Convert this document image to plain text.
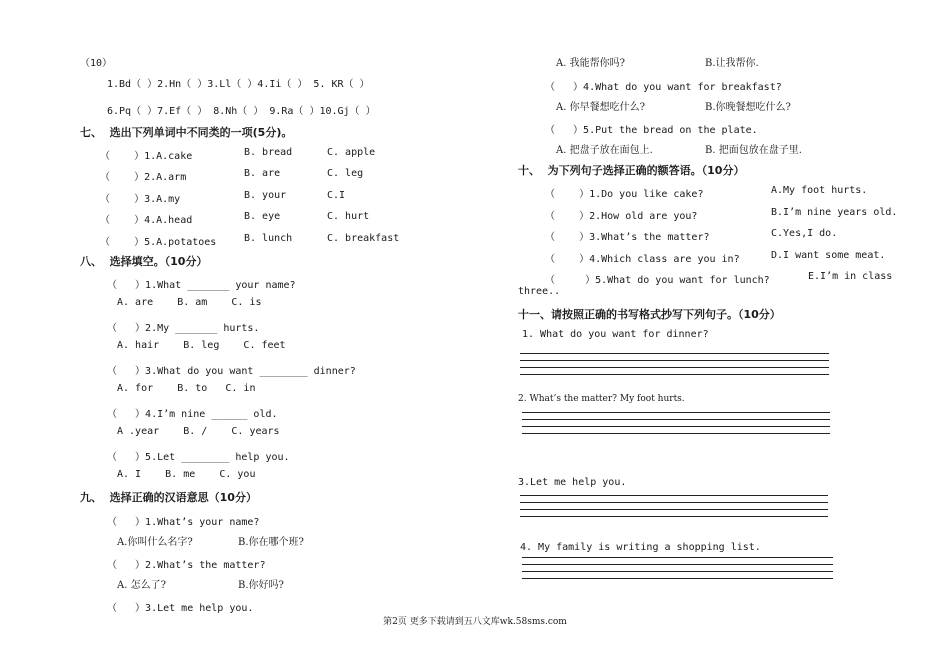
（10）
1.Bd（ ）2.Hn（ ）3.Ll（ ）4.Ii（ ） 5. KR（ ）
6.Pq（ ）7.Ef（ ） 8.Nh（ ） 9.Ra（ ）10.Gj（ ）
七、  选出下列单词中不同类的一项(5分)。
（    ）1.A.cake	B. bread	C. apple
（    ）2.A.arm	B. are	C. leg
（    ）3.A.my	B. your	C.I
（    ）4.A.head	B. eye	C. hurt
（    ）5.A.potatoes	B. lunch	C. breakfast
八、  选择填空。（10分）
（   ）1.What _______ your name?
A. are    B. am    C. is
（   ）2.My _______ hurts.
A. hair    B. leg    C. feet
（   ）3.What do you want ________ dinner?
A. for    B. to   C. in
（   ）4.I’m nine ______ old.
A .year    B. /    C. years
（   ）5.Let ________ help you.
A. I    B. me    C. you
九、  选择正确的汉语意思（10分）
（   ）1.What’s your name?
A.你叫什么名字?	B.你在哪个班?
（   ）2.What’s the matter?
A. 怎么了?	B.你好吗?
（   ）3.Let me help you.
A. 我能帮你吗?	B.让我帮你.
（   ）4.What do you want for breakfast?
A. 你早餐想吃什么?	B.你晚餐想吃什么?
（   ）5.Put the bread on the plate.
A. 把盘子放在面包上.	B. 把面包放在盘子里.
十、  为下列句子选择正确的额答语。（10分）
（    ）1.Do you like cake?	A.My foot hurts.
（    ）2.How old are you?	B.I’m nine years old.
（    ）3.What’s the matter?	C.Yes,I do.
（    ）4.Which class are you in?	D.I want some meat.
（     ）5.What do you want for lunch?	E.I’m in class
three..
十一、请按照正确的书写格式抄写下列句子。（10分）
1. What do you want for dinner?
2. What’s the matter? My foot hurts.
3.Let me help you.
4. My family is writing a shopping list.
第2页 更多下载请到五八文库wk.58sms.com
